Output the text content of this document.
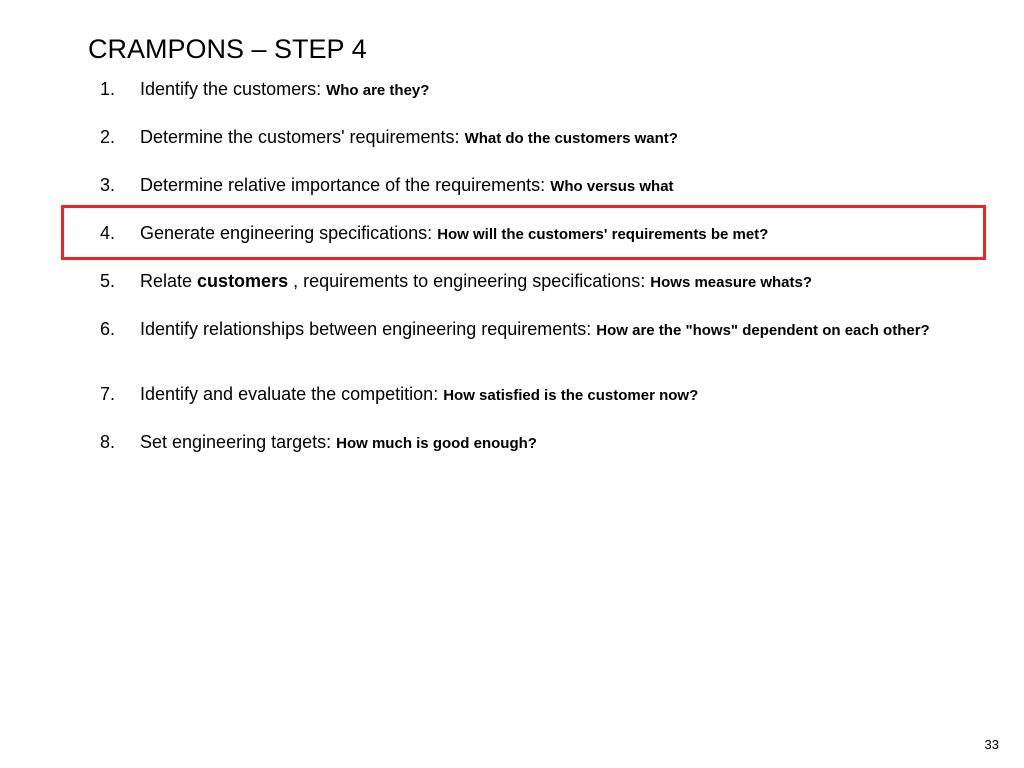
CRAMPONS – STEP 4
1.	Identify the customers: Who are they?
2.	Determine the customers' requirements: What do the customers want?
3.	Determine relative importance of the requirements: Who versus what
4.	Generate engineering specifications: How will the customers' requirements be met?
5.	Relate customers , requirements to engineering specifications: Hows measure whats?
6.	Identify relationships between engineering requirements: How are the "hows" dependent on each other?
7.	Identify and evaluate the competition: How satisfied is the customer now?
8.	Set engineering targets: How much is good enough?
33
